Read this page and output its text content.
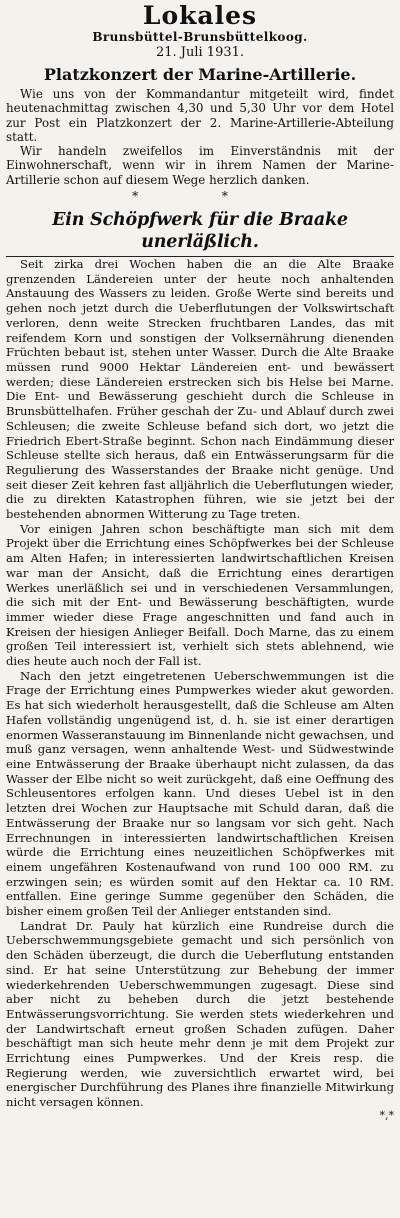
Lokales
Brunsbüttel-Brunsbüttelkoog.
21. Juli 1931.
Platzkonzert der Marine-Artillerie.

Wie uns von der Kommandantur mitgeteilt wird, findet heutenachmittag zwischen 4,30 und 5,30 Uhr vor dem Hotel zur Post ein Platzkonzert der 2. Marine-Artillerie-Abteilung statt.

Wir handeln zweifellos im Einverständnis mit der Einwohnerschaft, wenn wir in ihrem Namen der Marine-Artillerie schon auf diesem Wege herzlich danken.

* *
Ein Schöpfwerk für die Braake unerläßlich.

Seit zirka drei Wochen haben die an die Alte Braake grenzenden Ländereien unter der heute noch anhaltenden Anstauung des Wassers zu leiden. Große Werte sind bereits und gehen noch jetzt durch die Ueberflutungen der Volkswirtschaft verloren, denn weite Strecken fruchtbaren Landes, das mit reifendem Korn und sonstigen der Volksernährung dienenden Früchten bebaut ist, stehen unter Wasser. Durch die Alte Braake müssen rund 9000 Hektar Ländereien ent- und bewässert werden; diese Ländereien erstrecken sich bis Helse bei Marne. Die Ent- und Bewässerung geschieht durch die Schleuse in Brunsbüttelhafen. Früher geschah der Zu- und Ablauf durch zwei Schleusen; die zweite Schleuse befand sich dort, wo jetzt die Friedrich Ebert-Straße beginnt. Schon nach Eindämmung dieser Schleuse stellte sich heraus, daß ein Entwässerungsarm für die Regulierung des Wasserstandes der Braake nicht genüge. Und seit dieser Zeit kehren fast alljährlich die Ueberflutungen wieder, die zu direkten Katastrophen führen, wie sie jetzt bei der bestehenden abnormen Witterung zu Tage treten.

Vor einigen Jahren schon beschäftigte man sich mit dem Projekt über die Errichtung eines Schöpfwerkes bei der Schleuse am Alten Hafen; in interessierten landwirtschaftlichen Kreisen war man der Ansicht, daß die Errichtung eines derartigen Werkes unerläßlich sei und in verschiedenen Versammlungen, die sich mit der Ent- und Bewässerung beschäftigten, wurde immer wieder diese Frage angeschnitten und fand auch in Kreisen der hiesigen Anlieger Beifall. Doch Marne, das zu einem großen Teil interessiert ist, verhielt sich stets ablehnend, wie dies heute auch noch der Fall ist.

Nach den jetzt eingetretenen Ueberschwemmungen ist die Frage der Errichtung eines Pumpwerkes wieder akut geworden. Es hat sich wiederholt herausgestellt, daß die Schleuse am Alten Hafen vollständig ungenügend ist, d. h. sie ist einer derartigen enormen Wasseranstauung im Binnenlande nicht gewachsen, und muß ganz versagen, wenn anhaltende West- und Südwestwinde eine Entwässerung der Braake überhaupt nicht zulassen, da das Wasser der Elbe nicht so weit zurückgeht, daß eine Oeffnung des Schleusentores erfolgen kann. Und dieses Uebel ist in den letzten drei Wochen zur Hauptsache mit Schuld daran, daß die Entwässerung der Braake nur so langsam vor sich geht. Nach Errechnungen in interessierten landwirtschaftlichen Kreisen würde die Errichtung eines neuzeitlichen Schöpfwerkes mit einem ungefähren Kostenaufwand von rund 100 000 RM. zu erzwingen sein; es würden somit auf den Hektar ca. 10 RM. entfallen. Eine geringe Summe gegenüber den Schäden, die bisher einem großen Teil der Anlieger entstanden sind.

Landrat Dr. Pauly hat kürzlich eine Rundreise durch die Ueberschwemmungsgebiete gemacht und sich persönlich von den Schäden überzeugt, die durch die Ueberflutung entstanden sind. Er hat seine Unterstützung zur Behebung der immer wiederkehrenden Ueberschwemmungen zugesagt. Diese sind aber nicht zu beheben durch die jetzt bestehende Entwässerungsvorrichtung. Sie werden stets wiederkehren und der Landwirtschaft erneut großen Schaden zufügen. Daher beschäftigt man sich heute mehr denn je mit dem Projekt zur Errichtung eines Pumpwerkes. Und der Kreis resp. die Regierung werden, wie zuversichtlich erwartet wird, bei energischer Durchführung des Planes ihre finanzielle Mitwirkung nicht versagen können.

*,*
